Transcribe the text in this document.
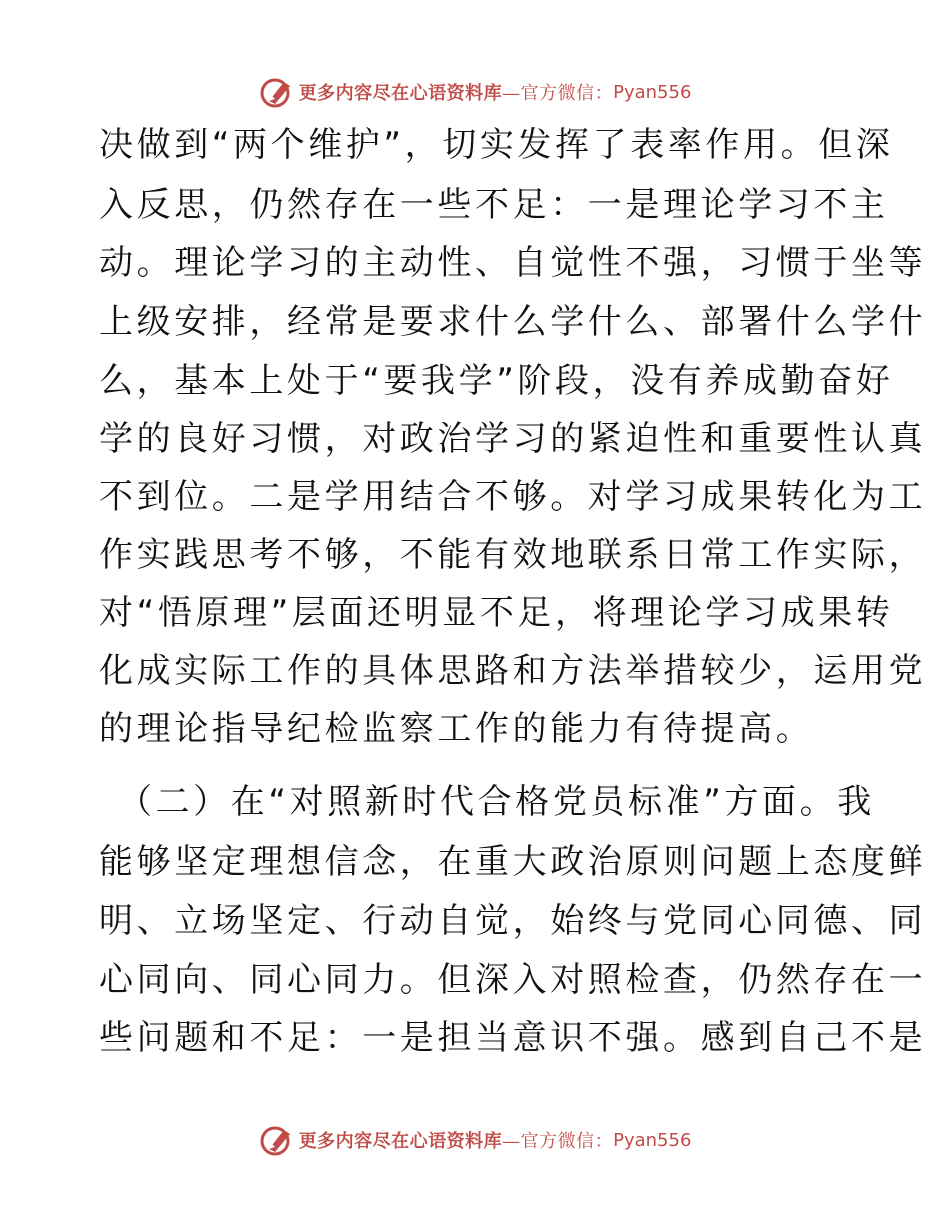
更多内容尽在心语资料库 —官方微信： Pyan556
决做到“两个维护”，切实发挥了表率作用。但深
入反思，仍然存在一些不足：一是理论学习不主
动。理论学习的主动性、自觉性不强，习惯于坐等
上级安排，经常是要求什么学什么、部署什么学什
么，基本上处于“要我学”阶段，没有养成勤奋好
学的良好习惯，对政治学习的紧迫性和重要性认真
不到位。二是学用结合不够。对学习成果转化为工
作实践思考不够，不能有效地联系日常工作实际，
对“悟原理”层面还明显不足，将理论学习成果转
化成实际工作的具体思路和方法举措较少，运用党
的理论指导纪检监察工作的能力有待提高。
（二）在“对照新时代合格党员标准”方面。我
能够坚定理想信念，在重大政治原则问题上态度鲜
明、立场坚定、行动自觉，始终与党同心同德、同
心同向、同心同力。但深入对照检查，仍然存在一
些问题和不足：一是担当意识不强。感到自己不是
更多内容尽在心语资料库 —官方微信： Pyan556
